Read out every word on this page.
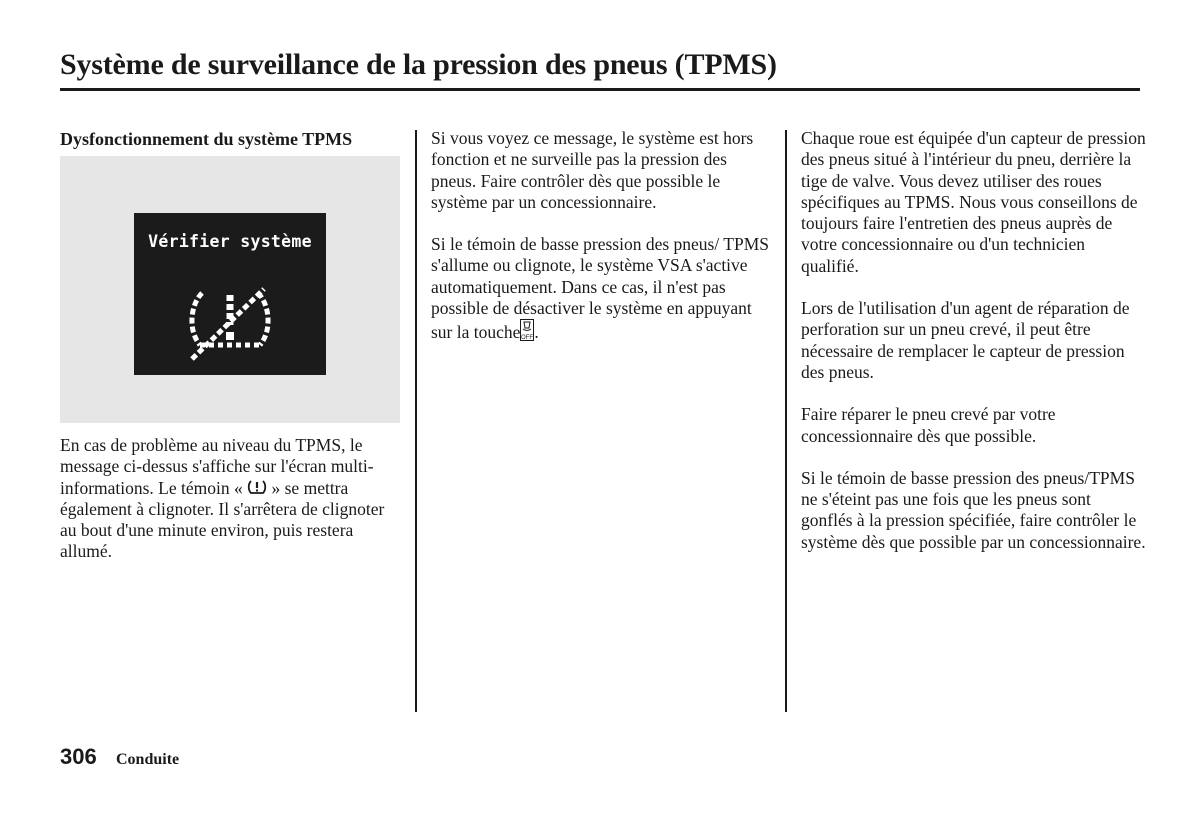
Système de surveillance de la pression des pneus (TPMS)
Dysfonctionnement du système TPMS
Vérifier système

En cas de problème au niveau du TPMS, le message ci-dessus s'affiche sur l'écran multi-informations. Le témoin «  » se mettra également à clignoter. Il s'arrêtera de clignoter au bout d'une minute environ, puis restera allumé.

Si vous voyez ce message, le système est hors fonction et ne surveille pas la pression des pneus. Faire contrôler dès que possible le système par un concessionnaire.

Si le témoin de basse pression des pneus/ TPMS s'allume ou clignote, le système VSA s'active automatiquement. Dans ce cas, il n'est pas possible de désactiver le système en appuyant sur la touche OFF .

Chaque roue est équipée d'un capteur de pression des pneus situé à l'intérieur du pneu, derrière la tige de valve. Vous devez utiliser des roues spécifiques au TPMS. Nous vous conseillons de toujours faire l'entretien des pneus auprès de votre concessionnaire ou d'un technicien qualifié.

Lors de l'utilisation d'un agent de réparation de perforation sur un pneu crevé, il peut être nécessaire de remplacer le capteur de pression des pneus.

Faire réparer le pneu crevé par votre concessionnaire dès que possible.

Si le témoin de basse pression des pneus/TPMS ne s'éteint pas une fois que les pneus sont gonflés à la pression spécifiée, faire contrôler le système dès que possible par un concessionnaire.

306 Conduite
